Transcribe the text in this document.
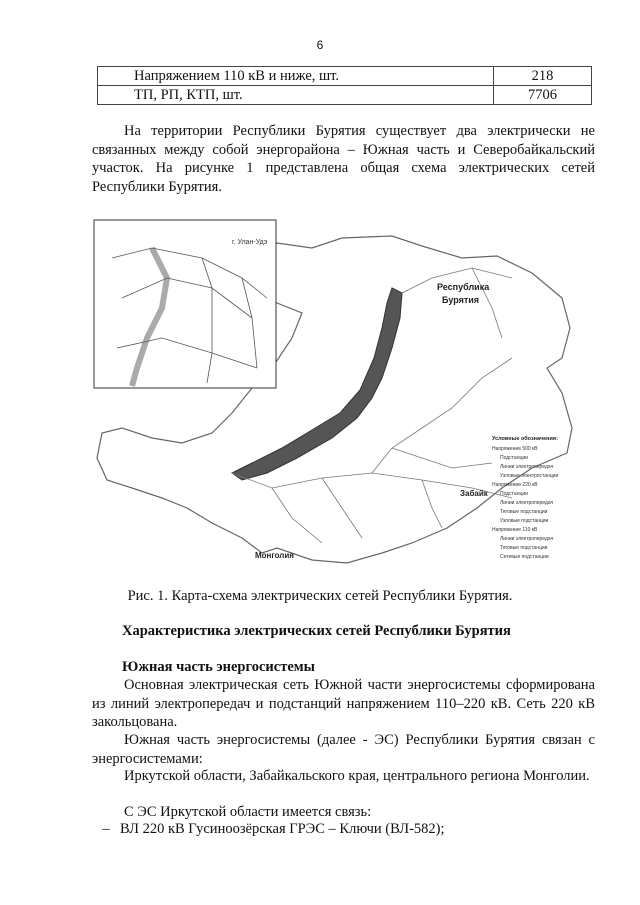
6
Напряжением 110 кВ и ниже, шт.	218
ТП, РП, КТП, шт.	7706

На территории Республики Бурятия существует два электрически не связанных между собой энергорайона – Южная часть и Северобайкальский участок. На рисунке 1 представлена общая схема электрических сетей Республики Бурятия.

г. Улан-Удэ
Республика
Бурятия
Монголия
Забайк
Условные обозначения:
Напряжение 500 кВ
Подстанции
Линии электропередач
Узловые электростанции
Напряжение 220 кВ
Подстанции
Линии электропередач
Тяговые подстанции
Узловые подстанции
Напряжение 110 кВ
Линии электропередач
Тяговые подстанции
Сетевые подстанции
Рис. 1. Карта-схема электрических сетей Республики Бурятия.
Характеристика электрических сетей Республики Бурятия
Южная часть энергосистемы

Основная электрическая сеть Южной части энергосистемы сформирована из линий электропередач и подстанций напряжением 110–220 кВ. Сеть 220 кВ закольцована.

Южная часть энергосистемы (далее - ЭС) Республики Бурятия связан с энергосистемами:

Иркутской области, Забайкальского края, центрального региона Монголии.

С ЭС Иркутской области имеется связь:

– ВЛ 220 кВ Гусиноозёрская ГРЭС – Ключи (ВЛ-582);
